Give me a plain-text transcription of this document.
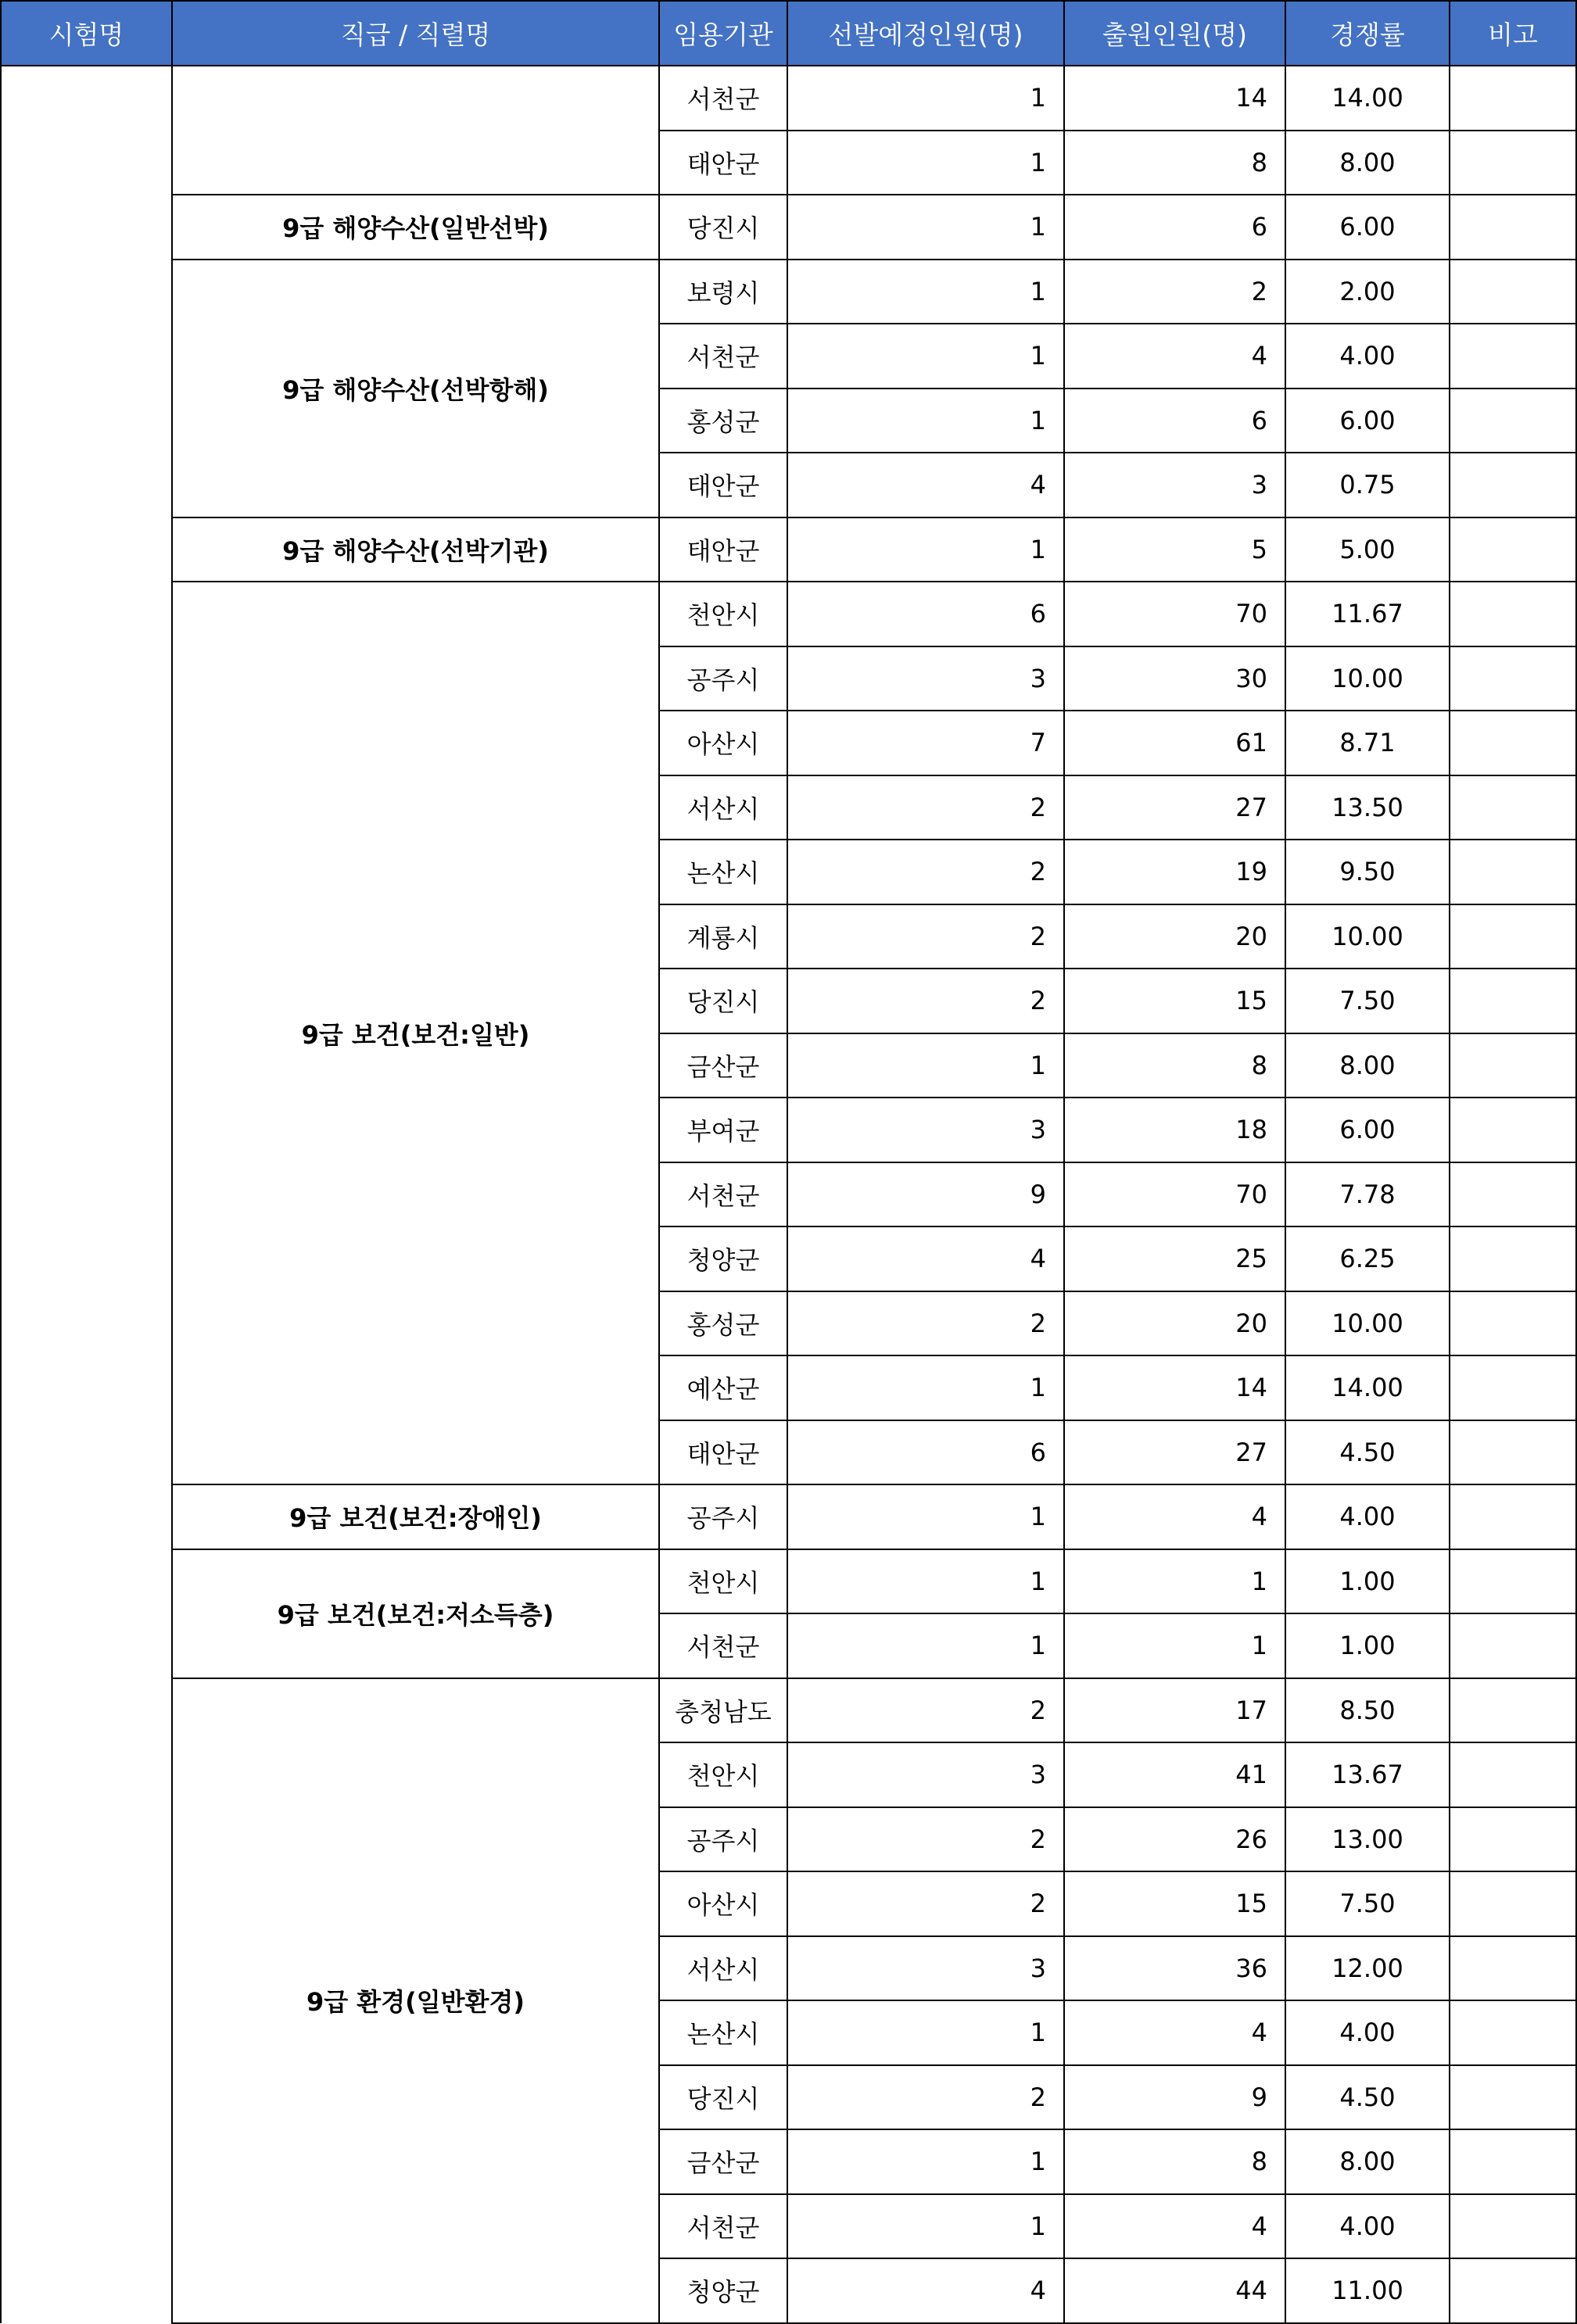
시험명	직급 / 직렬명	임용기관	선발예정인원(명)	출원인원(명)	경쟁률	비고
		서천군	1	14	14.00	
		태안군	1	8	8.00	
	9급 해양수산(일반선박)	당진시	1	6	6.00	
	9급 해양수산(선박항해)	보령시	1	2	2.00	
		서천군	1	4	4.00	
		홍성군	1	6	6.00	
		태안군	4	3	0.75	
	9급 해양수산(선박기관)	태안군	1	5	5.00	
	9급 보건(보건:일반)	천안시	6	70	11.67	
		공주시	3	30	10.00	
		아산시	7	61	8.71	
		서산시	2	27	13.50	
		논산시	2	19	9.50	
		계룡시	2	20	10.00	
		당진시	2	15	7.50	
		금산군	1	8	8.00	
		부여군	3	18	6.00	
		서천군	9	70	7.78	
		청양군	4	25	6.25	
		홍성군	2	20	10.00	
		예산군	1	14	14.00	
		태안군	6	27	4.50	
	9급 보건(보건:장애인)	공주시	1	4	4.00	
	9급 보건(보건:저소득층)	천안시	1	1	1.00	
		서천군	1	1	1.00	
	9급 환경(일반환경)	충청남도	2	17	8.50	
		천안시	3	41	13.67	
		공주시	2	26	13.00	
		아산시	2	15	7.50	
		서산시	3	36	12.00	
		논산시	1	4	4.00	
		당진시	2	9	4.50	
		금산군	1	8	8.00	
		서천군	1	4	4.00	
		청양군	4	44	11.00	
